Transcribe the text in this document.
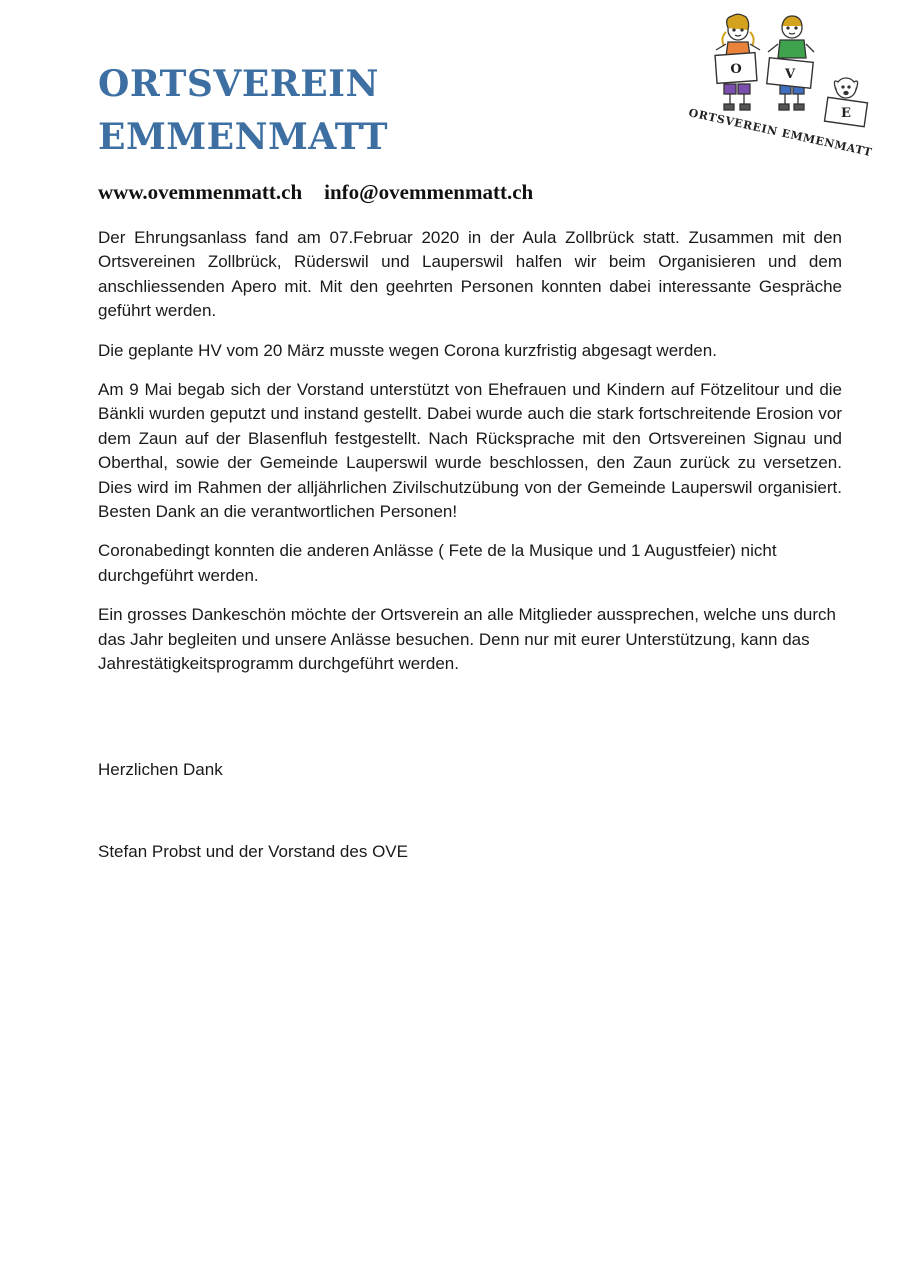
ORTSVEREIN
EMMENMATT
O	V
E
ORTSVEREIN EMMENMATT
www.ovemmenmatt.ch info@ovemmenmatt.ch

Der Ehrungsanlass fand am 07.Februar 2020 in der Aula Zollbrück statt. Zusammen mit den Ortsvereinen Zollbrück, Rüderswil und Lauperswil halfen wir beim Organisieren und dem anschliessenden Apero mit. Mit den geehrten Personen konnten dabei interessante Gespräche geführt werden.

Die geplante HV vom 20 März musste wegen Corona kurzfristig abgesagt werden.

Am 9 Mai begab sich der Vorstand unterstützt von Ehefrauen und Kindern auf Fötzelitour und die Bänkli wurden geputzt und instand gestellt. Dabei wurde auch die stark fortschreitende Erosion vor dem Zaun auf der Blasenfluh festgestellt. Nach Rücksprache mit den Ortsvereinen Signau und Oberthal, sowie der Gemeinde Lauperswil wurde beschlossen, den Zaun zurück zu versetzen. Dies wird im Rahmen der alljährlichen Zivilschutzübung von der Gemeinde Lauperswil organisiert. Besten Dank an die verantwortlichen Personen!

Coronabedingt konnten die anderen Anlässe ( Fete de la Musique und 1 Augustfeier) nicht durchgeführt werden.

Ein grosses Dankeschön möchte der Ortsverein an alle Mitglieder aussprechen, welche uns durch das Jahr begleiten und unsere Anlässe besuchen. Denn nur mit eurer Unterstützung, kann das Jahrestätigkeitsprogramm durchgeführt werden.

Herzlichen Dank
Stefan Probst und der Vorstand des OVE
